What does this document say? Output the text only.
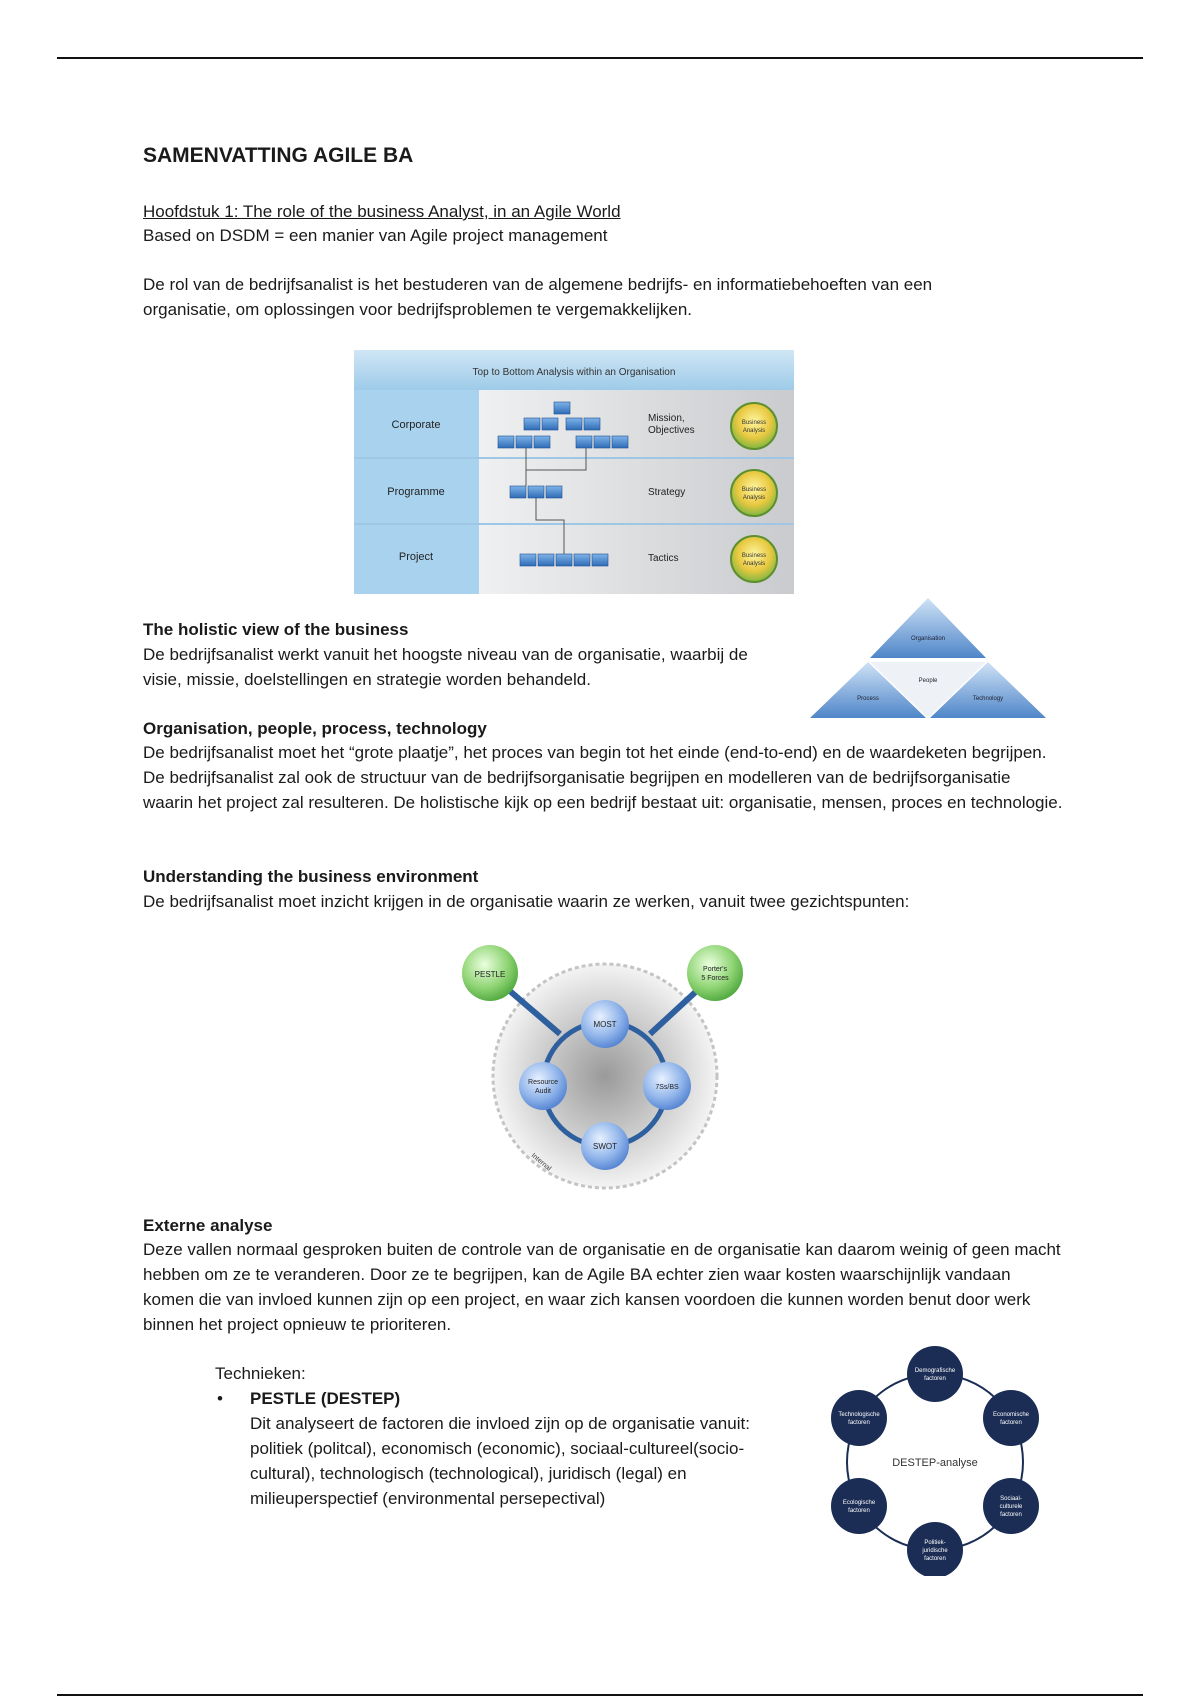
SAMENVATTING AGILE BA

Hoofdstuk 1: The role of the business Analyst, in an Agile World

Based on DSDM = een manier van Agile project management

De rol van de bedrijfsanalist is het bestuderen van de algemene bedrijfs- en informatiebehoeften van een organisatie, om oplossingen voor bedrijfsproblemen te vergemakkelijken.

Top to Bottom Analysis within an Organisation
Corporate
Programme
Project
Mission,
Objectives
Strategy
Tactics
Business
Analysis
Business
Analysis
Business
Analysis

The holistic view of the business

De bedrijfsanalist werkt vanuit het hoogste niveau van de organisatie, waarbij de visie, missie, doelstellingen en strategie worden behandeld.

Organisation
People
Process	Technology

Organisation, people, process, technology

De bedrijfsanalist moet het “grote plaatje”, het proces van begin tot het einde (end-to-end) en de waardeketen begrijpen. De bedrijfsanalist zal ook de structuur van de bedrijfsorganisatie begrijpen en modelleren van de bedrijfsorganisatie waarin het project zal resulteren. De holistische kijk op een bedrijf bestaat uit: organisatie, mensen, proces en technologie.

Understanding the business environment

De bedrijfsanalist moet inzicht krijgen in de organisatie waarin ze werken, vanuit twee gezichtspunten:

PESTLE
Porter's
5 Forces
MOST
Resource
Audit
7Ss/BS
SWOT
Internal

Externe analyse

Deze vallen normaal gesproken buiten de controle van de organisatie en de organisatie kan daarom weinig of geen macht hebben om ze te veranderen. Door ze te begrijpen, kan de Agile BA echter zien waar kosten waarschijnlijk vandaan komen die van invloed kunnen zijn op een project, en waar zich kansen voordoen die kunnen worden benut door werk binnen het project opnieuw te prioriteren.

Technieken:

• PESTLE (DESTEP)

Dit analyseert de factoren die invloed zijn op de organisatie vanuit: politiek (politcal), economisch (economic), sociaal-cultureel(socio-cultural), technologisch (technological), juridisch (legal) en milieuperspectief (environmental persepectival)
DESTEP-analyse
Demografische
factoren
Economische
factoren
Sociaal-
culturele
factoren
Politiek-
juridische
factoren
Ecologische
factoren
Technologische
factoren
